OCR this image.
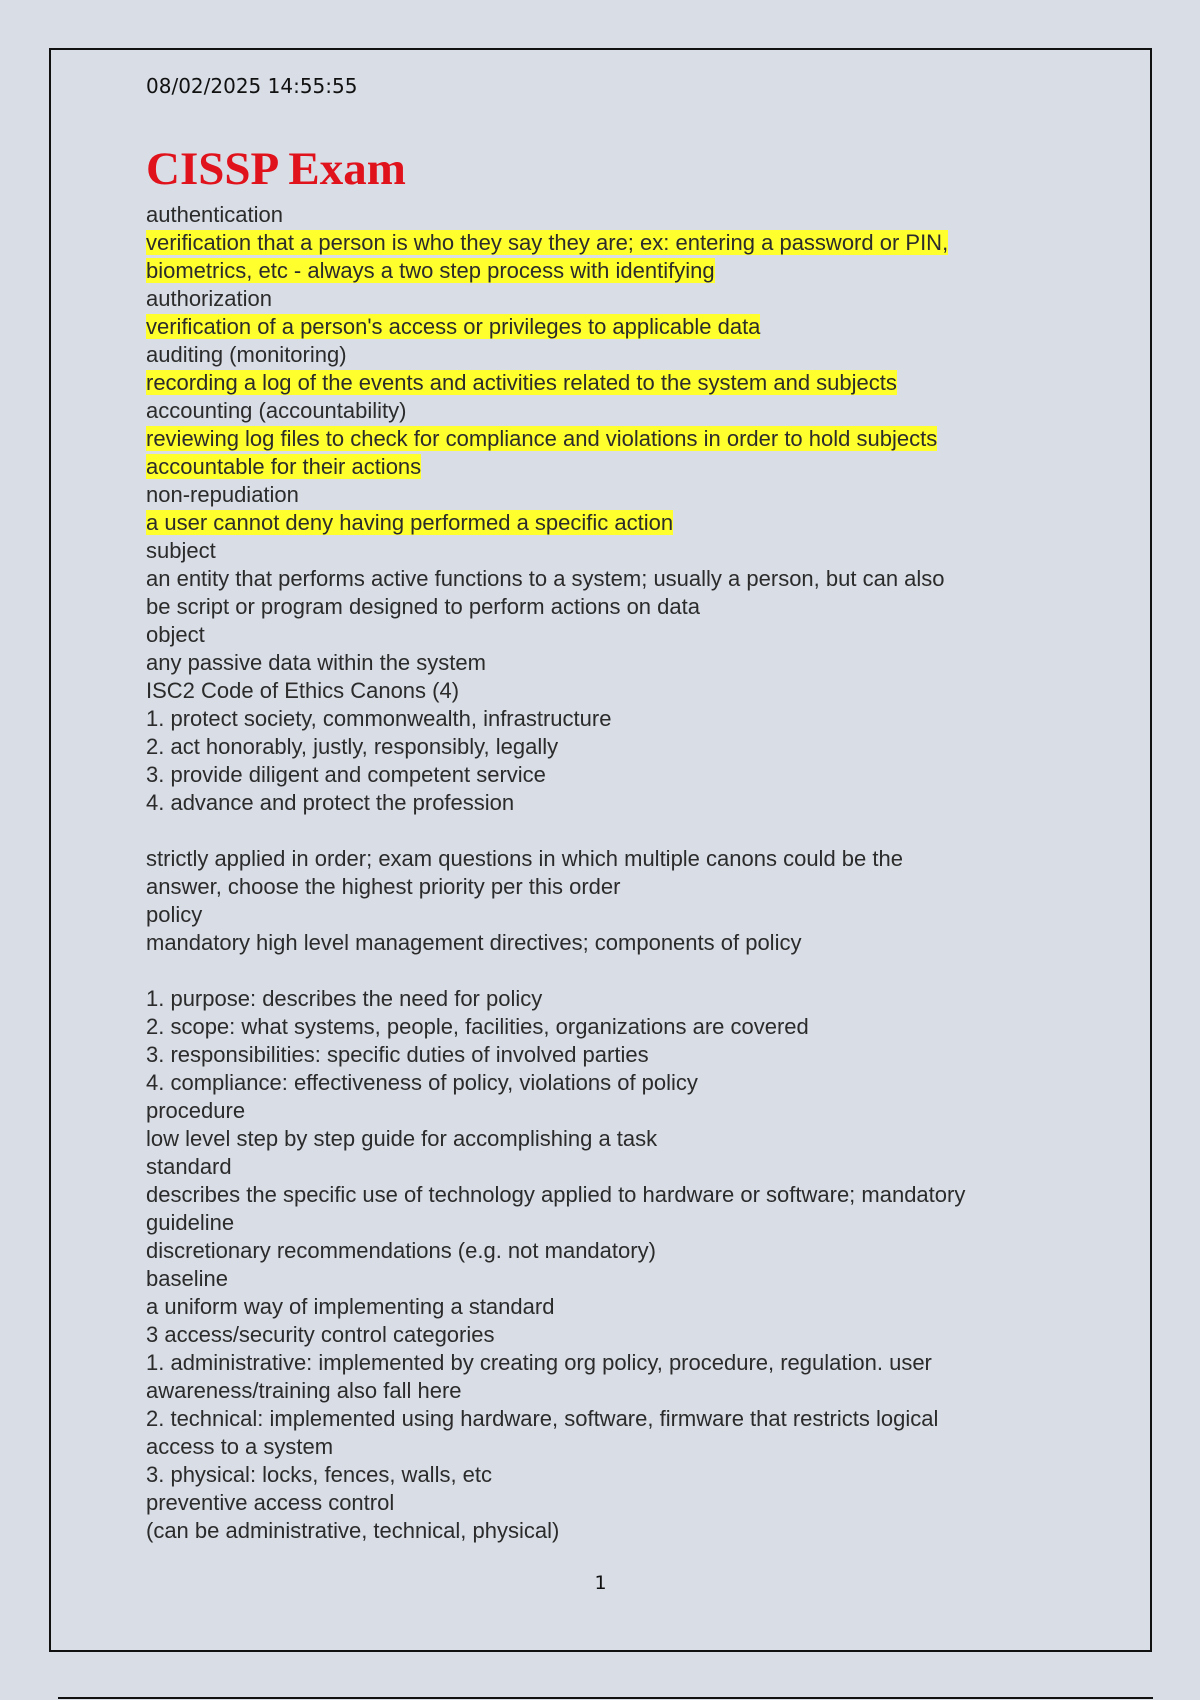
08/02/2025 14:55:55
CISSP Exam
authentication
verification that a person is who they say they are; ex: entering a password or PIN,
biometrics, etc - always a two step process with identifying
authorization
verification of a person's access or privileges to applicable data
auditing (monitoring)
recording a log of the events and activities related to the system and subjects
accounting (accountability)
reviewing log files to check for compliance and violations in order to hold subjects
accountable for their actions
non-repudiation
a user cannot deny having performed a specific action
subject
an entity that performs active functions to a system; usually a person, but can also
be script or program designed to perform actions on data
object
any passive data within the system
ISC2 Code of Ethics Canons (4)
1. protect society, commonwealth, infrastructure
2. act honorably, justly, responsibly, legally
3. provide diligent and competent service
4. advance and protect the profession
strictly applied in order; exam questions in which multiple canons could be the
answer, choose the highest priority per this order
policy
mandatory high level management directives; components of policy
1. purpose: describes the need for policy
2. scope: what systems, people, facilities, organizations are covered
3. responsibilities: specific duties of involved parties
4. compliance: effectiveness of policy, violations of policy
procedure
low level step by step guide for accomplishing a task
standard
describes the specific use of technology applied to hardware or software; mandatory
guideline
discretionary recommendations (e.g. not mandatory)
baseline
a uniform way of implementing a standard
3 access/security control categories
1. administrative: implemented by creating org policy, procedure, regulation. user
awareness/training also fall here
2. technical: implemented using hardware, software, firmware that restricts logical
access to a system
3. physical: locks, fences, walls, etc
preventive access control
(can be administrative, technical, physical)
1
